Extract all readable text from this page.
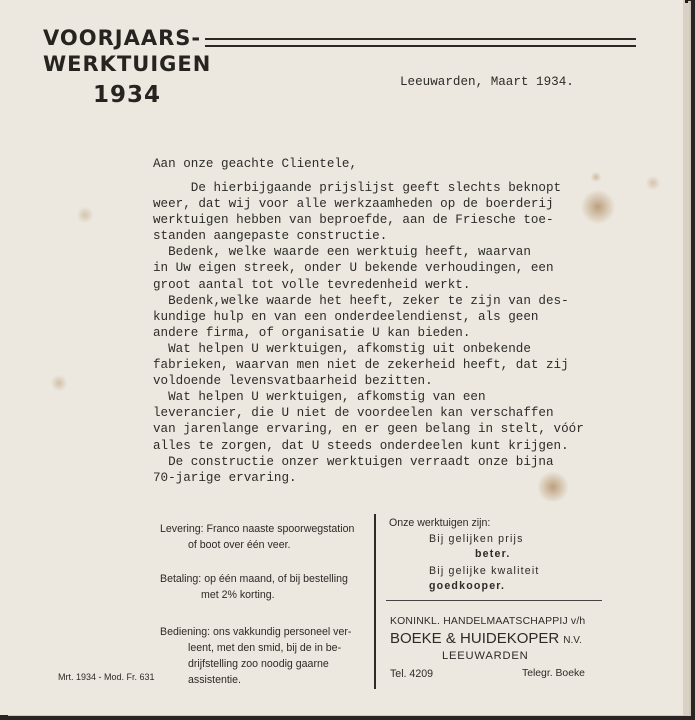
VOORJAARS-
WERKTUIGEN
1934	Leeuwarden, Maart 1934.
Aan onze geachte Clientele,
De hierbijgaande prijslijst geeft slechts beknopt
weer, dat wij voor alle werkzaamheden op de boerderij
werktuigen hebben van beproefde, aan de Friesche toe-
standen aangepaste constructie.
Bedenk, welke waarde een werktuig heeft, waarvan
in Uw eigen streek, onder U bekende verhoudingen, een
groot aantal tot volle tevredenheid werkt.
Bedenk,welke waarde het heeft, zeker te zijn van des-
kundige hulp en van een onderdeelendienst, als geen
andere firma, of organisatie U kan bieden.
Wat helpen U werktuigen, afkomstig uit onbekende
fabrieken, waarvan men niet de zekerheid heeft, dat zij
voldoende levensvatbaarheid bezitten.
Wat helpen U werktuigen, afkomstig van een
leverancier, die U niet de voordeelen kan verschaffen
van jarenlange ervaring, en er geen belang in stelt, vóór
alles te zorgen, dat U steeds onderdeelen kunt krijgen.
De constructie onzer werktuigen verraadt onze bijna
70-jarige ervaring.
Levering: Franco naaste spoorwegstation
of boot over één veer.
Betaling: op één maand, of bij bestelling
met 2% korting.
Bediening: ons vakkundig personeel ver-
leent, met den smid, bij de in be-
drijfstelling zoo noodig gaarne
assistentie.
Onze werktuigen zijn:
Bij gelijken prijs
beter.
Bij gelijke kwaliteit
goedkooper.
KONINKL. HANDELMAATSCHAPPIJ v/h
BOEKE & HUIDEKOPER N.V.
LEEUWARDEN
Tel. 4209	Telegr. Boeke
Mrt. 1934 - Mod. Fr. 631
